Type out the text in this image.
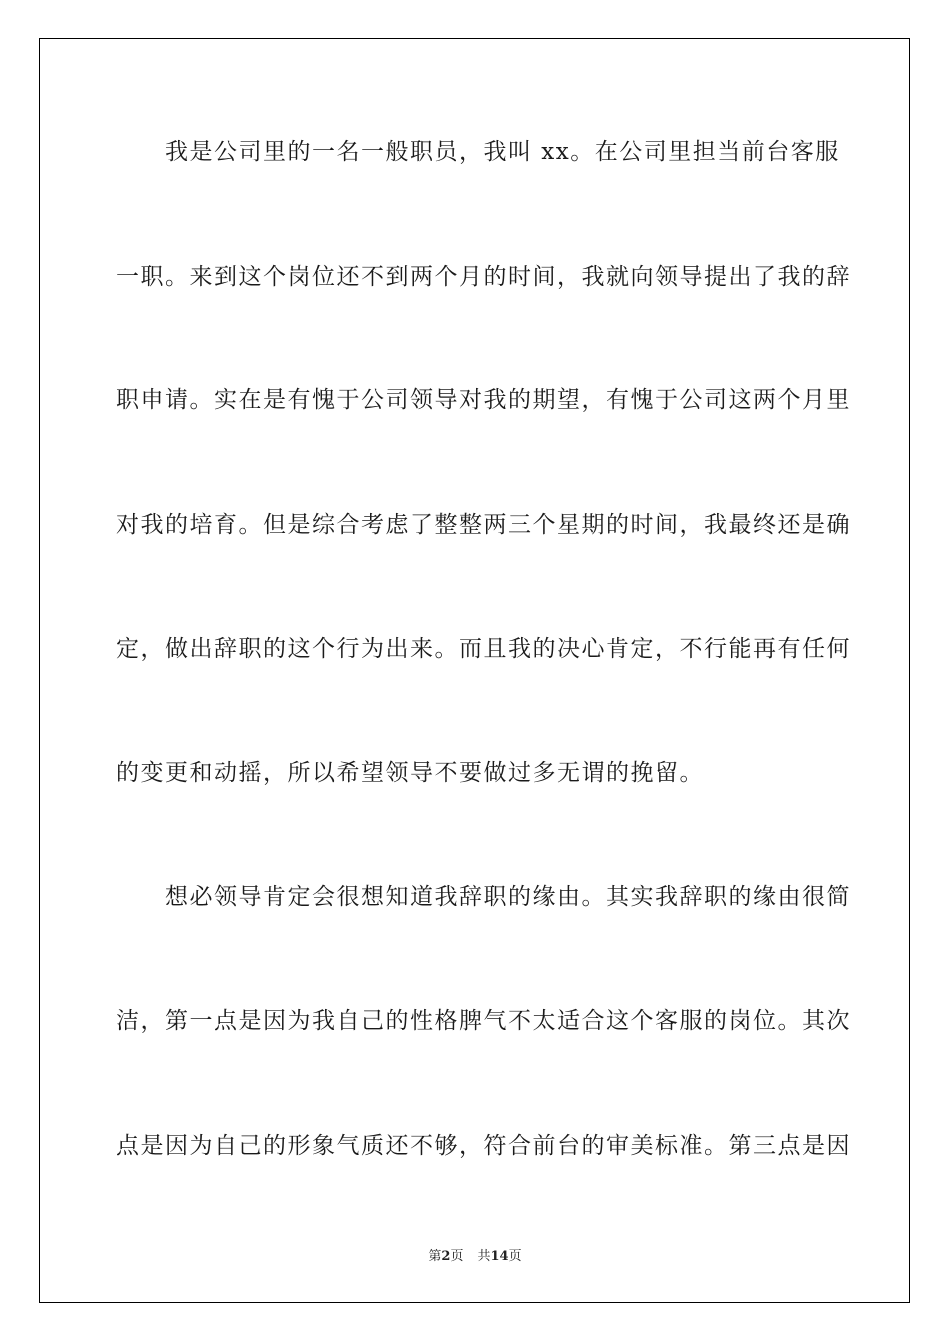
　　我是公司里的一名一般职员，我叫 xx。在公司里担当前台客服
一职。来到这个岗位还不到两个月的时间，我就向领导提出了我的辞
职申请。实在是有愧于公司领导对我的期望，有愧于公司这两个月里
对我的培育。但是综合考虑了整整两三个星期的时间，我最终还是确
定，做出辞职的这个行为出来。而且我的决心肯定，不行能再有任何
的变更和动摇，所以希望领导不要做过多无谓的挽留。
　　想必领导肯定会很想知道我辞职的缘由。其实我辞职的缘由很简
洁，第一点是因为我自己的性格脾气不太适合这个客服的岗位。其次
点是因为自己的形象气质还不够，符合前台的审美标准。第三点是因
第2页 共14页
